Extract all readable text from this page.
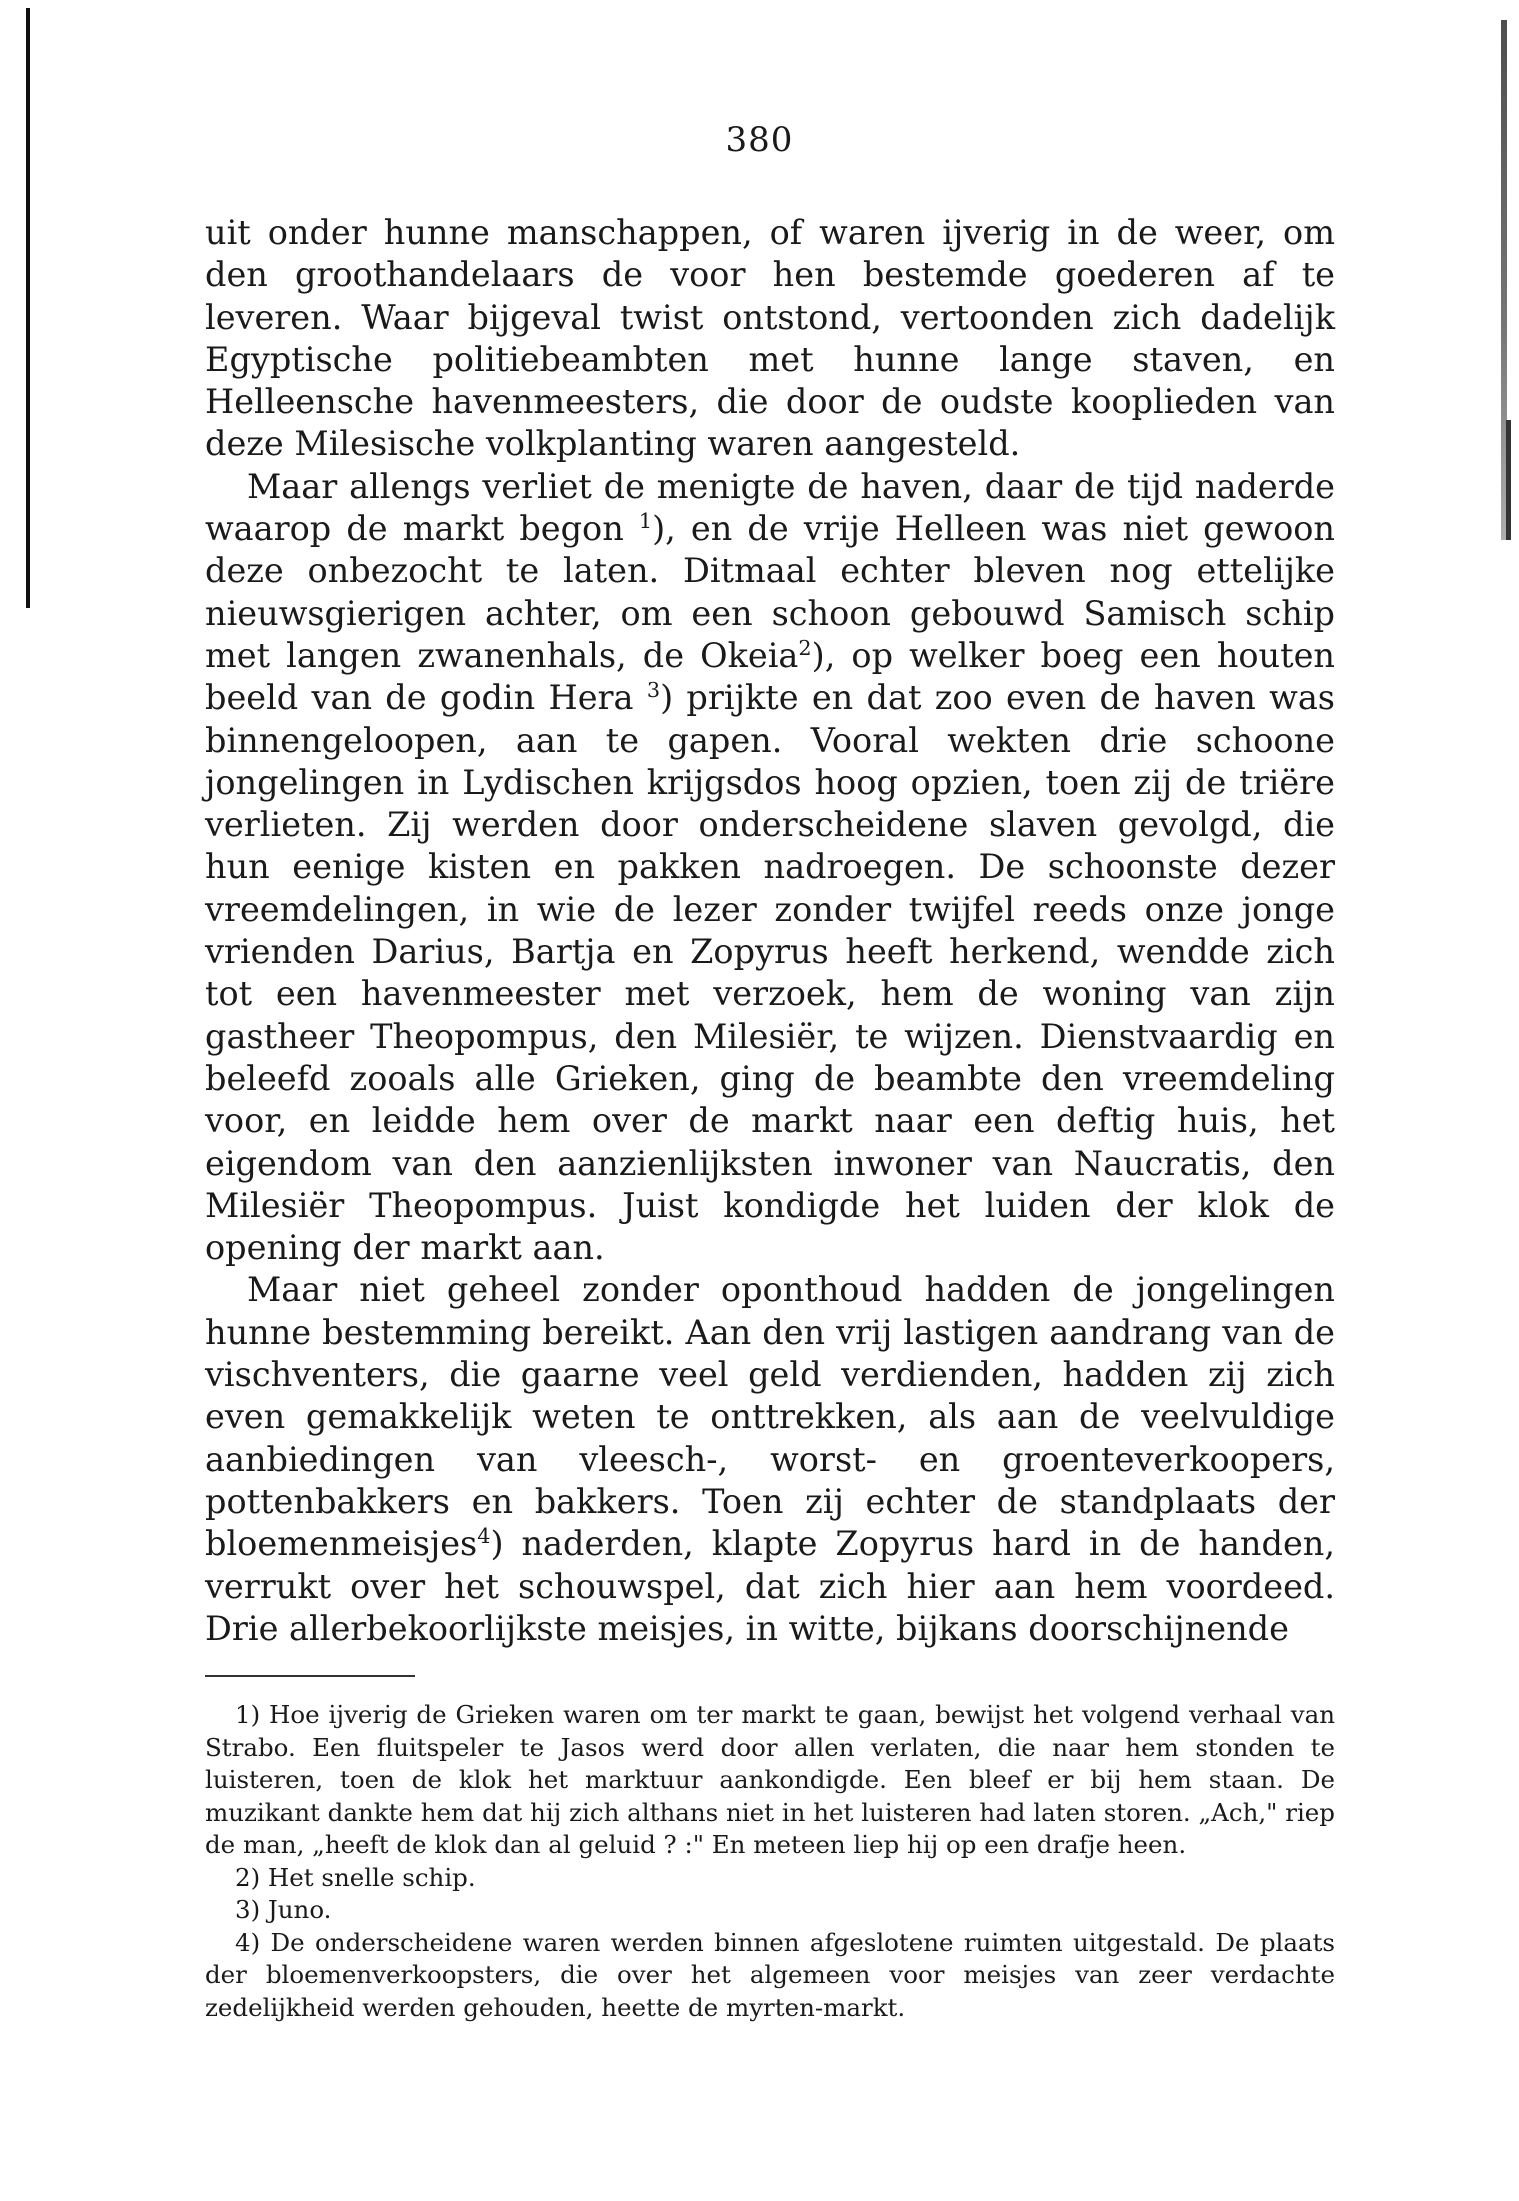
380

uit onder hunne manschappen, of waren ijverig in de weer, om den groothandelaars de voor hen bestemde goederen af te leveren. Waar bijgeval twist ontstond, vertoonden zich dadelijk Egyptische politiebeambten met hunne lange staven, en Helleensche havenmeesters, die door de oudste kooplieden van deze Milesische volkplanting waren aangesteld.

Maar allengs verliet de menigte de haven, daar de tijd naderde waarop de markt begon $^1$), en de vrije Helleen was niet gewoon deze onbezocht te laten. Ditmaal echter bleven nog ettelijke nieuwsgierigen achter, om een schoon gebouwd Samisch schip met langen zwanenhals, de Okeia$^2$), op welker boeg een houten beeld van de godin Hera $^3$) prijkte en dat zoo even de haven was binnengeloopen, aan te gapen. Vooral wekten drie schoone jongelingen in Lydischen krijgsdos hoog opzien, toen zij de triëre verlieten. Zij werden door onderscheidene slaven gevolgd, die hun eenige kisten en pakken nadroegen. De schoonste dezer vreemdelingen, in wie de lezer zonder twijfel reeds onze jonge vrienden Darius, Bartja en Zopyrus heeft herkend, wendde zich tot een havenmeester met verzoek, hem de woning van zijn gastheer Theopompus, den Milesiër, te wijzen. Dienstvaardig en beleefd zooals alle Grieken, ging de beambte den vreemdeling voor, en leidde hem over de markt naar een deftig huis, het eigendom van den aanzienlijksten inwoner van Naucratis, den Milesiër Theopompus. Juist kondigde het luiden der klok de opening der markt aan.

Maar niet geheel zonder oponthoud hadden de jongelingen hunne bestemming bereikt. Aan den vrij lastigen aandrang van de vischventers, die gaarne veel geld verdienden, hadden zij zich even gemakkelijk weten te onttrekken, als aan de veelvuldige aanbiedingen van vleesch-, worst- en groenteverkoopers, pottenbakkers en bakkers. Toen zij echter de standplaats der bloemenmeisjes$^4$) naderden, klapte Zopyrus hard in de handen, verrukt over het schouwspel, dat zich hier aan hem voordeed. Drie allerbekoorlijkste meisjes, in witte, bijkans doorschijnende

1) Hoe ijverig de Grieken waren om ter markt te gaan, bewijst het volgend verhaal van Strabo. Een fluitspeler te Jasos werd door allen verlaten, die naar hem stonden te luisteren, toen de klok het marktuur aankondigde. Een bleef er bij hem staan. De muzikant dankte hem dat hij zich althans niet in het luisteren had laten storen. „Ach," riep de man, „heeft de klok dan al geluid ? :" En meteen liep hij op een drafje heen.

2) Het snelle schip.

3) Juno.

4) De onderscheidene waren werden binnen afgeslotene ruimten uitgestald. De plaats der bloemenverkoopsters, die over het algemeen voor meisjes van zeer verdachte zedelijkheid werden gehouden, heette de myrten-markt.
